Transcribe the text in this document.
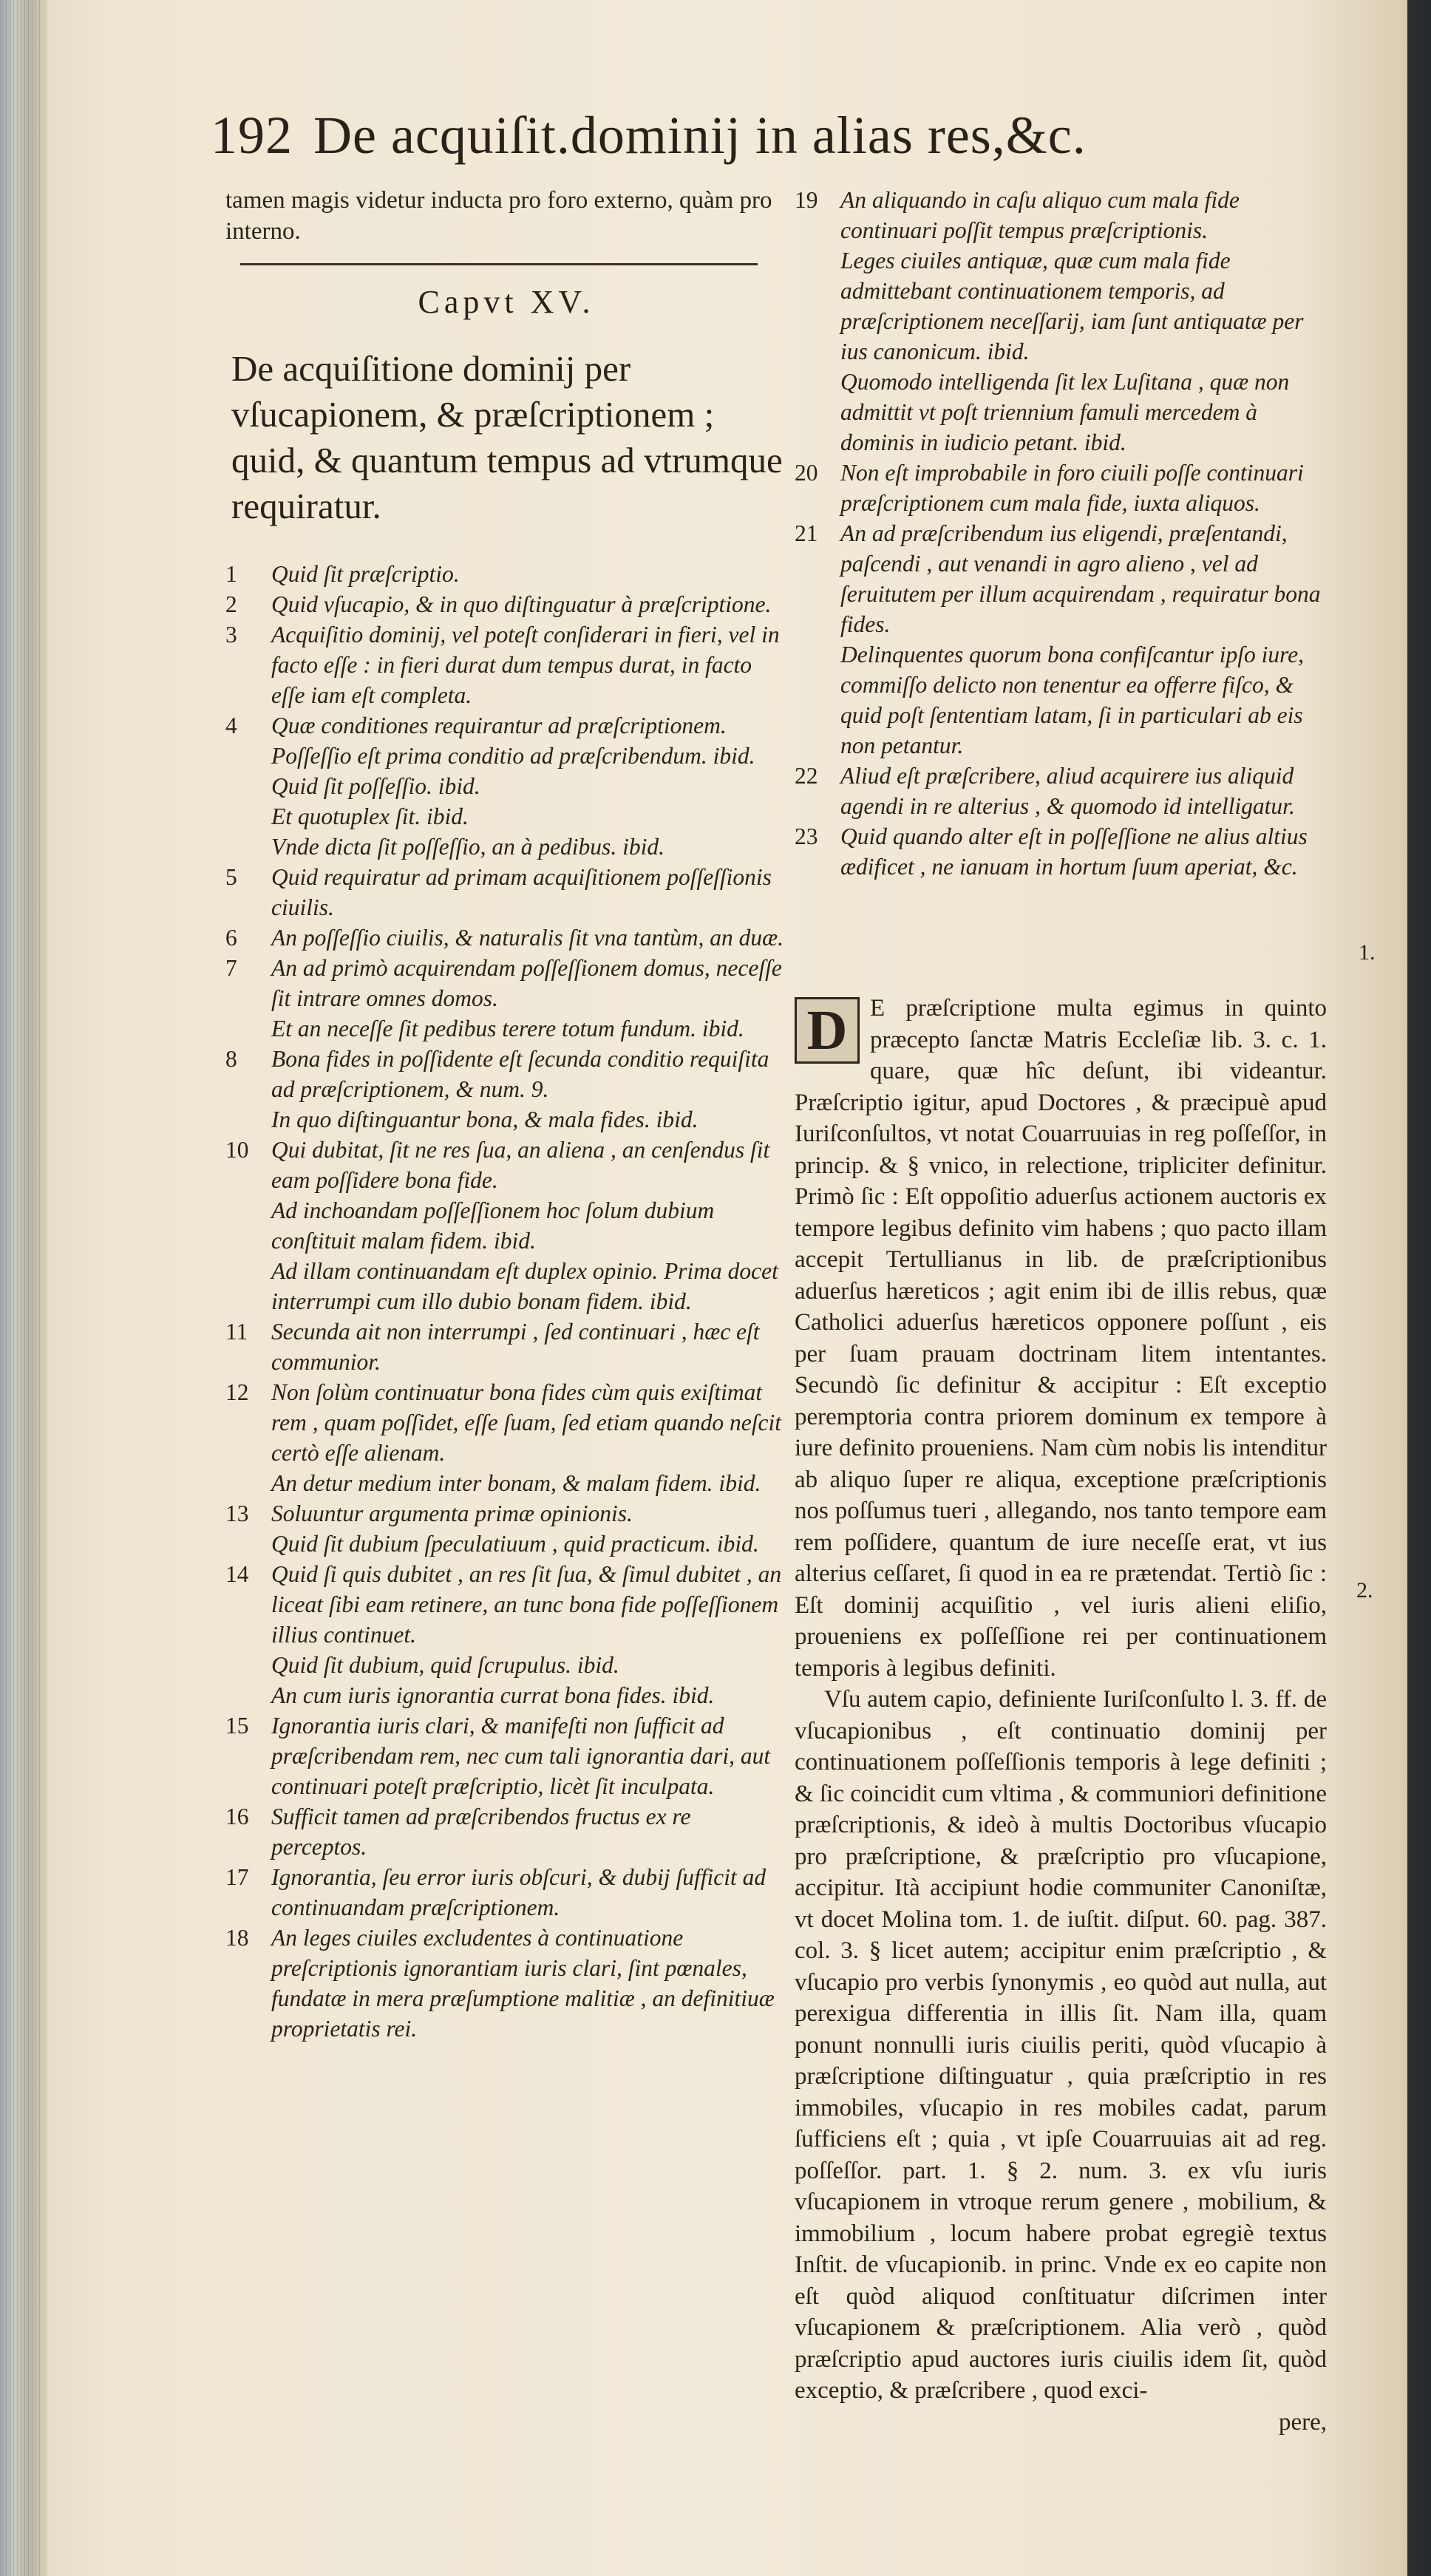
192 De acquiſit.dominij in alias res,&c.

tamen magis videtur inducta pro foro externo, quàm pro interno.

Capvt XV.
De acquiſitione dominij per vſucapionem, & præſcriptionem ; quid, & quantum tempus ad vtrumque requiratur.
1	Quid ſit præſcriptio.
2	Quid vſucapio, & in quo diſtinguatur à præſcriptione.
3	Acquiſitio dominij, vel poteſt conſiderari in fieri, vel in facto eſſe : in fieri durat dum tempus durat, in facto eſſe iam eſt completa.
4	Quæ conditiones requirantur ad præſcriptionem.
Poſſeſſio eſt prima conditio ad præſcribendum. ibid.
Quid ſit poſſeſſio. ibid.
Et quotuplex ſit. ibid.
Vnde dicta ſit poſſeſſio, an à pedibus. ibid.
5	Quid requiratur ad primam acquiſitionem poſſeſſionis ciuilis.
6	An poſſeſſio ciuilis, & naturalis ſit vna tantùm, an duæ.
7	An ad primò acquirendam poſſeſſionem domus, neceſſe ſit intrare omnes domos.
Et an neceſſe ſit pedibus terere totum fundum. ibid.
8	Bona fides in poſſidente eſt ſecunda conditio requiſita ad præſcriptionem, & num. 9.
In quo diſtinguantur bona, & mala fides. ibid.
10 Qui dubitat, ſit ne res ſua, an aliena , an cenſendus ſit eam poſſidere bona fide.
Ad inchoandam poſſeſſionem hoc ſolum dubium conſtituit malam fidem. ibid.
Ad illam continuandam eſt duplex opinio. Prima docet interrumpi cum illo dubio bonam fidem. ibid.
11	Secunda ait non interrumpi , ſed continuari , hæc eſt communior.
12 Non ſolùm continuatur bona fides cùm quis exiſtimat rem , quam poſſidet, eſſe ſuam, ſed etiam quando neſcit certò eſſe alienam.
An detur medium inter bonam, & malam fidem. ibid.
13 Soluuntur argumenta primæ opinionis.
Quid ſit dubium ſpeculatiuum , quid practicum. ibid.
14 Quid ſi quis dubitet , an res ſit ſua, & ſimul dubitet , an liceat ſibi eam retinere, an tunc bona fide poſſeſſionem illius continuet.
Quid ſit dubium, quid ſcrupulus. ibid.
An cum iuris ignorantia currat bona fides. ibid.
15 Ignorantia iuris clari, & manifeſti non ſufficit ad præſcribendam rem, nec cum tali ignorantia dari, aut continuari poteſt præſcriptio, licèt ſit inculpata.
16 Sufficit tamen ad præſcribendos fructus ex re perceptos.
17 Ignorantia, ſeu error iuris obſcuri, & dubij ſufficit ad continuandam præſcriptionem.
18 An leges ciuiles excludentes à continuatione preſcriptionis ignorantiam iuris clari, ſint pœnales, fundatæ in mera præſumptione malitiæ , an definitiuæ proprietatis rei.
19 An aliquando in caſu aliquo cum mala fide continuari poſſit tempus præſcriptionis.
Leges ciuiles antiquæ, quæ cum mala fide admittebant continuationem temporis, ad præſcriptionem neceſſarij, iam ſunt antiquatæ per ius canonicum. ibid.
Quomodo intelligenda ſit lex Luſitana , quæ non admittit vt poſt triennium famuli mercedem à dominis in iudicio petant. ibid.
20 Non eſt improbabile in foro ciuili poſſe continuari præſcriptionem cum mala fide, iuxta aliquos.
21 An ad præſcribendum ius eligendi, præſentandi, paſcendi , aut venandi in agro alieno , vel ad ſeruitutem per illum acquirendam , requiratur bona fides.
Delinquentes quorum bona confiſcantur ipſo iure, commiſſo delicto non tenentur ea offerre fiſco, & quid poſt ſententiam latam, ſi in particulari ab eis non petantur.
22 Aliud eſt præſcribere, aliud acquirere ius aliquid agendi in re alterius , & quomodo id intelligatur.
23 Quid quando alter eſt in poſſeſſione ne alius altius ædificet , ne ianuam in hortum ſuum aperiat, &c.

D E præſcriptione multa egimus in quinto præcepto ſanctæ Matris Eccleſiæ lib. 3. c. 1. quare, quæ hîc deſunt, ibi videantur. Præſcriptio igitur, apud Doctores , & præcipuè apud Iuriſconſultos, vt notat Couarruuias in reg poſſeſſor, in princip. & § vnico, in relectione, tripliciter definitur. Primò ſic : Eſt oppoſitio aduerſus actionem auctoris ex tempore legibus definito vim habens ; quo pacto illam accepit Tertullianus in lib. de præſcriptionibus aduerſus hæreticos ; agit enim ibi de illis rebus, quæ Catholici aduerſus hæreticos opponere poſſunt , eis per ſuam prauam doctrinam litem intentantes. Secundò ſic definitur & accipitur : Eſt exceptio peremptoria contra priorem dominum ex tempore à iure definito proueniens. Nam cùm nobis lis intenditur ab aliquo ſuper re aliqua, exceptione præſcriptionis nos poſſumus tueri , allegando, nos tanto tempore eam rem poſſidere, quantum de iure neceſſe erat, vt ius alterius ceſſaret, ſi quod in ea re prætendat. Tertiò ſic : Eſt dominij acquiſitio , vel iuris alieni eliſio, proueniens ex poſſeſſione rei per continuationem temporis à legibus definiti.

Vſu autem capio, definiente Iuriſconſulto l. 3. ff. de vſucapionibus , eſt continuatio dominij per continuationem poſſeſſionis temporis à lege definiti ; & ſic coincidit cum vltima , & communiori definitione præſcriptionis, & ideò à multis Doctoribus vſucapio pro præſcriptione, & præſcriptio pro vſucapione, accipitur. Ità accipiunt hodie communiter Canoniſtæ, vt docet Molina tom. 1. de iuſtit. diſput. 60. pag. 387. col. 3. § licet autem; accipitur enim præſcriptio , & vſucapio pro verbis ſynonymis , eo quòd aut nulla, aut perexigua differentia in illis ſit. Nam illa, quam ponunt nonnulli iuris ciuilis periti, quòd vſucapio à præſcriptione diſtinguatur , quia præſcriptio in res immobiles, vſucapio in res mobiles cadat, parum ſufficiens eſt ; quia , vt ipſe Couarruuias ait ad reg. poſſeſſor. part. 1. § 2. num. 3. ex vſu iuris vſucapionem in vtroque rerum genere , mobilium, & immobilium , locum habere probat egregiè textus Inſtit. de vſucapionib. in princ. Vnde ex eo capite non eſt quòd aliquod conſtituatur diſcrimen inter vſucapionem & præſcriptionem. Alia verò , quòd præſcriptio apud auctores iuris ciuilis idem ſit, quòd exceptio, & præſcribere , quod exci-

pere,
1.
2.
